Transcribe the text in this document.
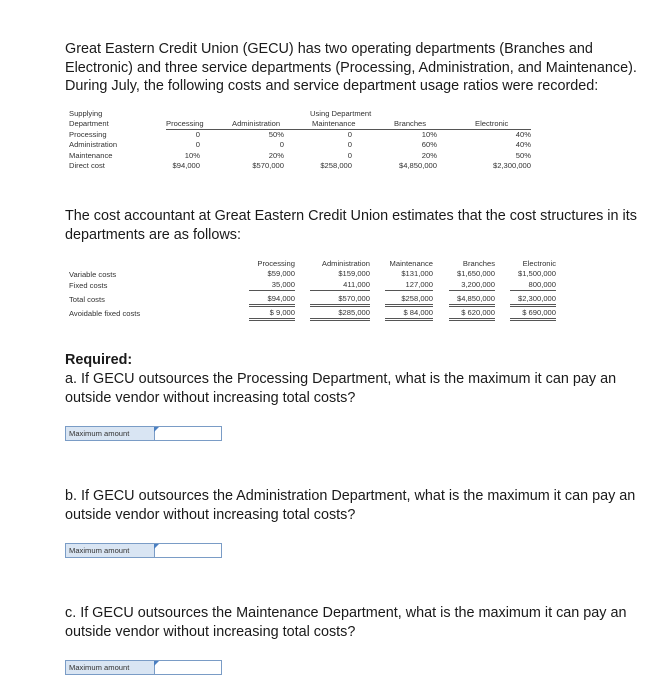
Great Eastern Credit Union (GECU) has two operating departments (Branches and Electronic) and three service departments (Processing, Administration, and Maintenance). During July, the following costs and service department usage ratios were recorded:
Supplying	Using Department
Department	Processing	Administration	Maintenance	Branches	Electronic
Processing	0	50%	0	10%	40%
Administration	0	0	0	60%	40%
Maintenance	10%	20%	0	20%	50%
Direct cost	$94,000	$570,000	$258,000	$4,850,000	$2,300,000
The cost accountant at Great Eastern Credit Union estimates that the cost structures in its departments are as follows:
Processing	Administration	Maintenance	Branches	Electronic
Variable costs	$59,000	$159,000	$131,000	$1,650,000	$1,500,000
Fixed costs	35,000	411,000	127,000	3,200,000	800,000
Total costs	$94,000	$570,000	$258,000	$4,850,000	$2,300,000
Avoidable fixed costs	$ 9,000	$285,000	$ 84,000	$ 620,000	$ 690,000
Required:
a. If GECU outsources the Processing Department, what is the maximum it can pay an outside vendor without increasing total costs?
Maximum amount
b. If GECU outsources the Administration Department, what is the maximum it can pay an outside vendor without increasing total costs?
Maximum amount
c. If GECU outsources the Maintenance Department, what is the maximum it can pay an outside vendor without increasing total costs?
Maximum amount
